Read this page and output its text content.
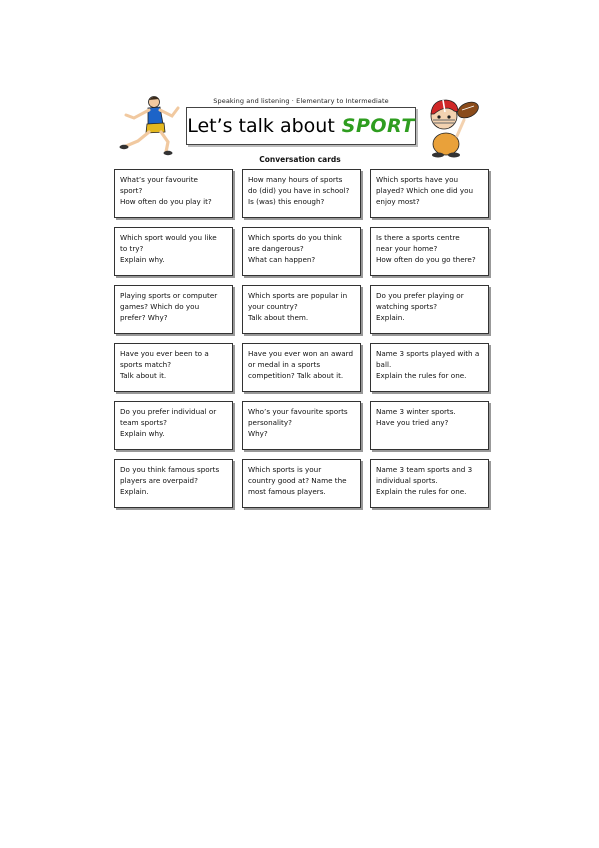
Speaking and listening · Elementary to Intermediate
Let’s talk about SPORT
Conversation cards
What’s your favourite
sport?
How often do you play it?
How many hours of sports
do (did) you have in school?
Is (was) this enough?
Which sports have you
played? Which one did you
enjoy most?
Which sport would you like
to try?
Explain why.
Which sports do you think
are dangerous?
What can happen?
Is there a sports centre
near your home?
How often do you go there?
Playing sports or computer
games? Which do you
prefer? Why?
Which sports are popular in
your country?
Talk about them.
Do you prefer playing or
watching sports?
Explain.
Have you ever been to a
sports match?
Talk about it.
Have you ever won an award
or medal in a sports
competition? Talk about it.
Name 3 sports played with a
ball.
Explain the rules for one.
Do you prefer individual or
team sports?
Explain why.
Who’s your favourite sports
personality?
Why?
Name 3 winter sports.
Have you tried any?
Do you think famous sports
players are overpaid?
Explain.
Which sports is your
country good at? Name the
most famous players.
Name 3 team sports and 3
individual sports.
Explain the rules for one.
